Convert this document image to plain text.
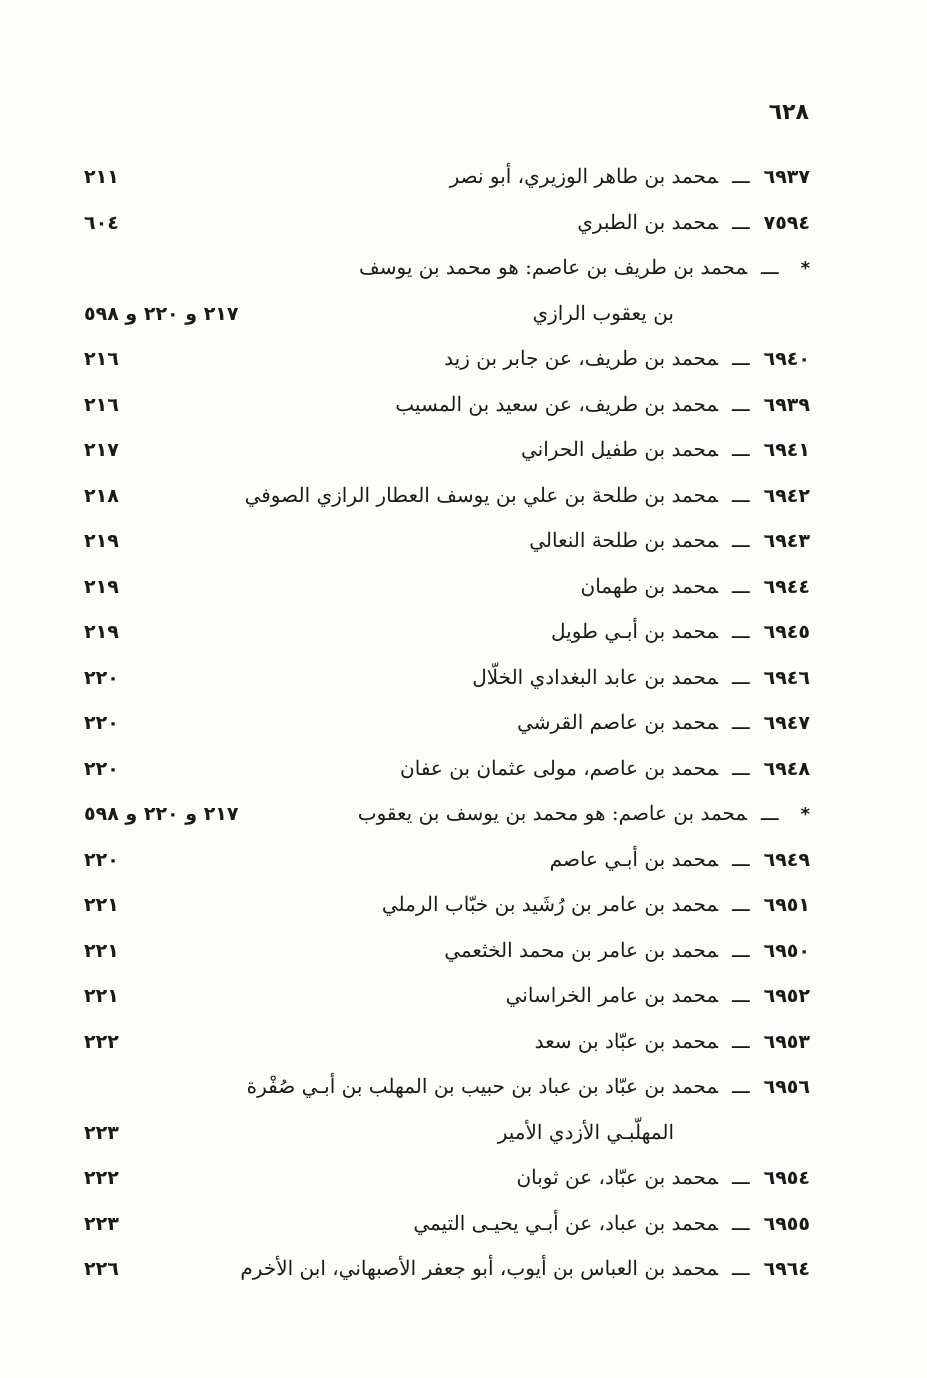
٦٢٨
٦٩٣٧ـــمحمد بن طاهر الوزيري، أبو نصر
٢١١
٧٥٩٤ـــمحمد بن الطبري
٦٠٤
*ـــمحمد بن طريف بن عاصم: هو محمد بن يوسف
بن يعقوب الرازي
٢١٧ و ٢٢٠ و ٥٩٨
٦٩٤٠ـــمحمد بن طريف، عن جابر بن زيد
٢١٦
٦٩٣٩ـــمحمد بن طريف، عن سعيد بن المسيب
٢١٦
٦٩٤١ـــمحمد بن طفيل الحراني
٢١٧
٦٩٤٢ـــمحمد بن طلحة بن علي بن يوسف العطار الرازي الصوفي
٢١٨
٦٩٤٣ـــمحمد بن طلحة النعالي
٢١٩
٦٩٤٤ـــمحمد بن طهمان
٢١٩
٦٩٤٥ـــمحمد بن أبـي طويل
٢١٩
٦٩٤٦ـــمحمد بن عابد البغدادي الخلّال
٢٢٠
٦٩٤٧ـــمحمد بن عاصم القرشي
٢٢٠
٦٩٤٨ـــمحمد بن عاصم، مولى عثمان بن عفان
٢٢٠
*ـــمحمد بن عاصم: هو محمد بن يوسف بن يعقوب
٢١٧ و ٢٢٠ و ٥٩٨
٦٩٤٩ـــمحمد بن أبـي عاصم
٢٢٠
٦٩٥١ـــمحمد بن عامر بن رُشَيد بن خبّاب الرملي
٢٢١
٦٩٥٠ـــمحمد بن عامر بن محمد الخثعمي
٢٢١
٦٩٥٢ـــمحمد بن عامر الخراساني
٢٢١
٦٩٥٣ـــمحمد بن عبّاد بن سعد
٢٢٢
٦٩٥٦ـــمحمد بن عبّاد بن عباد بن حبيب بن المهلب بن أبـي صُفْرة
المهلّبـي الأزدي الأمير
٢٢٣
٦٩٥٤ـــمحمد بن عبّاد، عن ثوبان
٢٢٢
٦٩٥٥ـــمحمد بن عباد، عن أبـي يحيـى التيمي
٢٢٣
٦٩٦٤ـــمحمد بن العباس بن أيوب، أبو جعفر الأصبهاني، ابن الأخرم
٢٢٦
